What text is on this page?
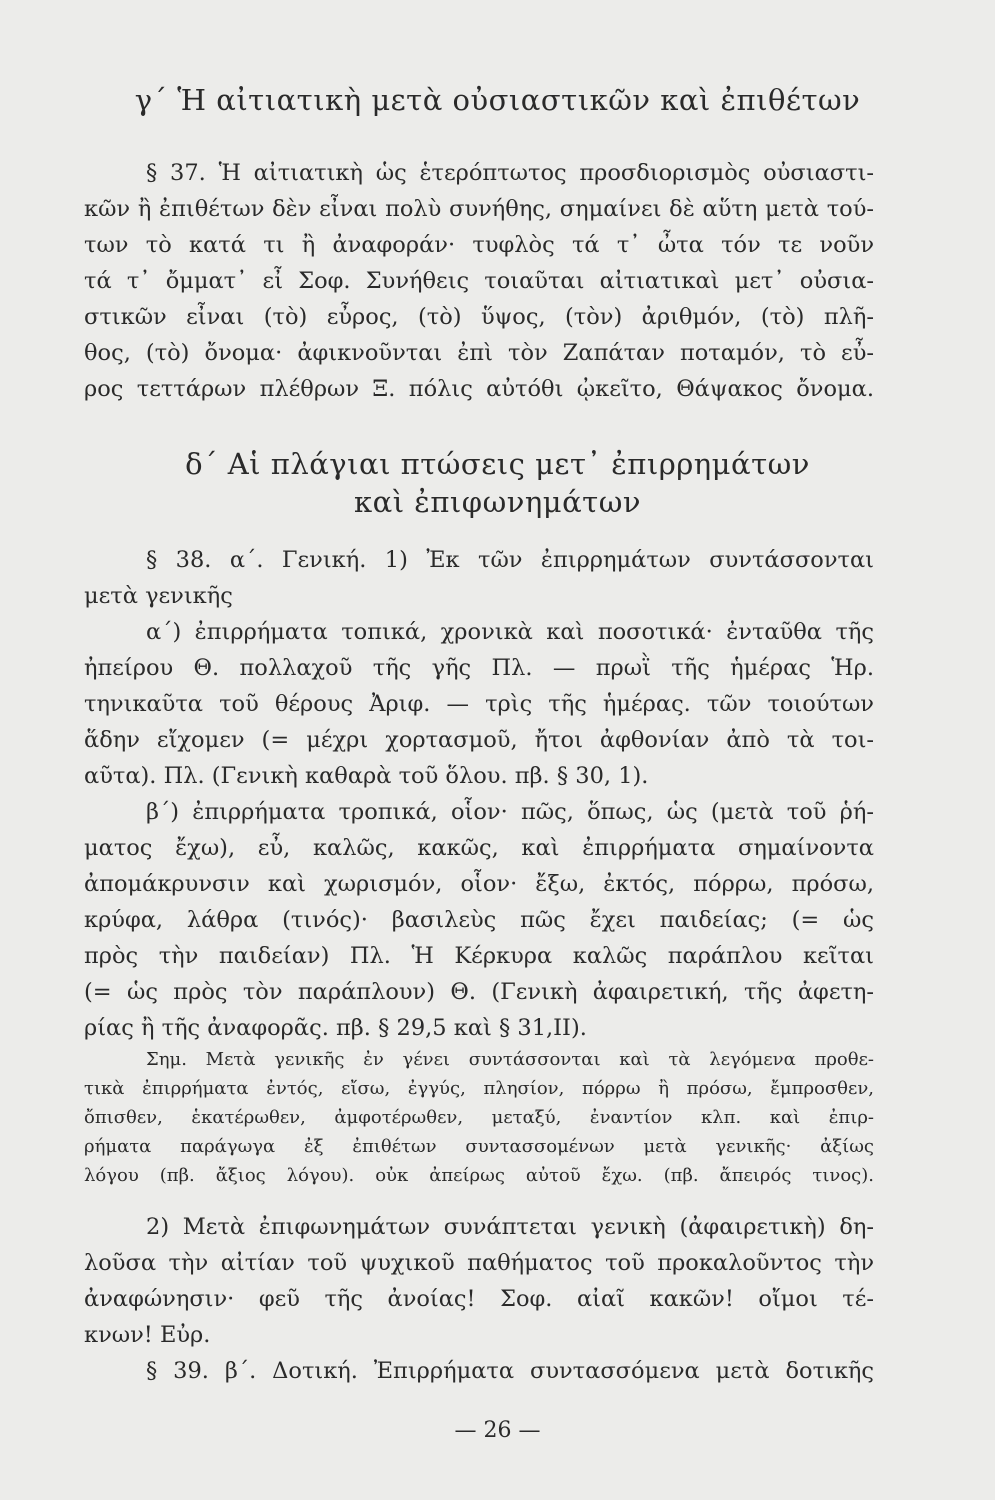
γ΄ Ἡ αἰτιατικὴ μετὰ οὐσιαστικῶν καὶ ἐπιθέτων
§ 37. Ἡ αἰτιατικὴ ὡς ἑτερόπτωτος προσδιορισμὸς οὐσιαστι-
κῶν ἢ ἐπιθέτων δὲν εἶναι πολὺ συνήθης, σημαίνει δὲ αὕτη μετὰ τού-
των τὸ κατά τι ἢ ἀναφοράν· τυφλὸς τά τ᾽ ὦτα τόν τε νοῦν
τά τ᾽ ὄμματ᾽ εἶ Σοφ. Συνήθεις τοιαῦται αἰτιατικαὶ μετ᾽ οὐσια-
στικῶν εἶναι (τὸ) εὖρος, (τὸ) ὕψος, (τὸν) ἀριθμόν, (τὸ) πλῆ-
θος, (τὸ) ὄνομα· ἀφικνοῦνται ἐπὶ τὸν Ζαπάταν ποταμόν, τὸ εὖ-
ρος τεττάρων πλέθρων Ξ. πόλις αὐτόθι ᾠκεῖτο, Θάψακος ὄνομα.
δ΄ Αἱ πλάγιαι πτώσεις μετ᾽ ἐπιρρημάτων
καὶ ἐπιφωνημάτων
§ 38. α΄. Γενική. 1) Ἐκ τῶν ἐπιρρημάτων συντάσσονται
μετὰ γενικῆς
α΄) ἐπιρρήματα τοπικά, χρονικὰ καὶ ποσοτικά· ἐνταῦθα τῆς
ἠπείρου Θ. πολλαχοῦ τῆς γῆς Πλ. — πρωῒ τῆς ἡμέρας Ἡρ.
τηνικαῦτα τοῦ θέρους Ἀριφ. — τρὶς τῆς ἡμέρας. τῶν τοιούτων
ἅδην εἴχομεν (= μέχρι χορτασμοῦ, ἤτοι ἀφθονίαν ἀπὸ τὰ τοι-
αῦτα). Πλ. (Γενικὴ καθαρὰ τοῦ ὅλου. πβ. § 30, 1).
β΄) ἐπιρρήματα τροπικά, οἷον· πῶς, ὅπως, ὡς (μετὰ τοῦ ῥή-
ματος ἔχω), εὖ, καλῶς, κακῶς, καὶ ἐπιρρήματα σημαίνοντα
ἀπομάκρυνσιν καὶ χωρισμόν, οἷον· ἔξω, ἐκτός, πόρρω, πρόσω,
κρύφα, λάθρα (τινός)· βασιλεὺς πῶς ἔχει παιδείας; (= ὡς
πρὸς τὴν παιδείαν) Πλ. Ἡ Κέρκυρα καλῶς παράπλου κεῖται
(= ὡς πρὸς τὸν παράπλουν) Θ. (Γενικὴ ἀφαιρετική, τῆς ἀφετη-
ρίας ἢ τῆς ἀναφορᾶς. πβ. § 29,5 καὶ § 31,II).
Σημ. Μετὰ γενικῆς ἐν γένει συντάσσονται καὶ τὰ λεγόμενα προθε-
τικὰ ἐπιρρήματα ἐντός, εἴσω, ἐγγύς, πλησίον, πόρρω ἢ πρόσω, ἔμπροσθεν,
ὄπισθεν, ἑκατέρωθεν, ἀμφοτέρωθεν, μεταξύ, ἐναντίον κλπ. καὶ ἐπιρ-
ρήματα παράγωγα ἐξ ἐπιθέτων συντασσομένων μετὰ γενικῆς· ἀξίως
λόγου (πβ. ἄξιος λόγου). οὐκ ἀπείρως αὐτοῦ ἔχω. (πβ. ἄπειρός τινος).
2) Μετὰ ἐπιφωνημάτων συνάπτεται γενικὴ (ἀφαιρετικὴ) δη-
λοῦσα τὴν αἰτίαν τοῦ ψυχικοῦ παθήματος τοῦ προκαλοῦντος τὴν
ἀναφώνησιν· φεῦ τῆς ἀνοίας! Σοφ. αἰαῖ κακῶν! οἴμοι τέ-
κνων! Εὐρ.
§ 39. β΄. Δοτική. Ἐπιρρήματα συντασσόμενα μετὰ δοτικῆς
— 26 —
